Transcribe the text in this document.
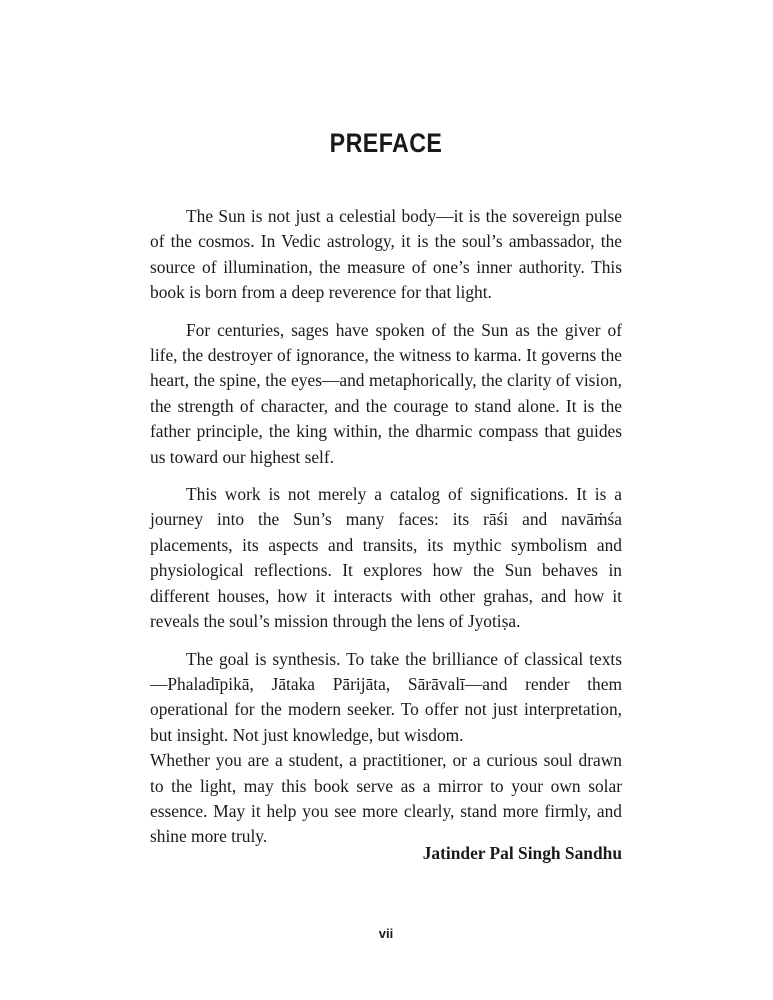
PREFACE

The Sun is not just a celestial body—it is the sovereign pulse of the cosmos. In Vedic astrology, it is the soul’s ambassador, the source of illumination, the measure of one’s inner authority. This book is born from a deep reverence for that light.

For centuries, sages have spoken of the Sun as the giver of life, the destroyer of ignorance, the witness to karma. It governs the heart, the spine, the eyes—and metaphorically, the clarity of vision, the strength of character, and the courage to stand alone. It is the father principle, the king within, the dharmic compass that guides us toward our highest self.

This work is not merely a catalog of significations. It is a journey into the Sun’s many faces: its rāśi and navāṁśa placements, its aspects and transits, its mythic symbolism and physiological reflections. It explores how the Sun behaves in different houses, how it interacts with other grahas, and how it reveals the soul’s mission through the lens of Jyotiṣa.

The goal is synthesis. To take the brilliance of classical texts—Phaladīpikā, Jātaka Pārijāta, Sārāvalī—and render them operational for the modern seeker. To offer not just interpretation, but insight. Not just knowledge, but wisdom.

Whether you are a student, a practitioner, or a curious soul drawn to the light, may this book serve as a mirror to your own solar essence. May it help you see more clearly, stand more firmly, and shine more truly.

Jatinder Pal Singh Sandhu
vii
